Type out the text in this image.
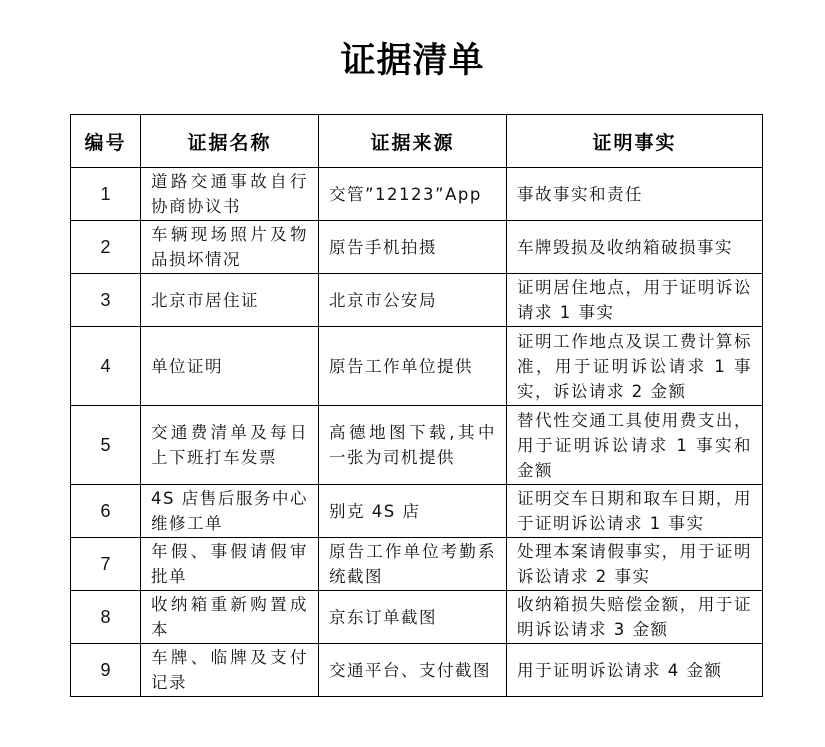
证据清单
编号	证据名称	证据来源	证明事实
1	道路交通事故自行协商协议书	交管”12123”App	事故事实和责任

2	车辆现场照片及物品损坏情况	原告手机拍摄	车牌毁损及收纳箱破损事实

3	北京市居住证	北京市公安局	证明居住地点，用于证明诉讼请求 1 事实

4	单位证明	原告工作单位提供	证明工作地点及误工费计算标准，用于证明诉讼请求 1 事实，诉讼请求 2 金额

5	交通费清单及每日上下班打车发票	高德地图下载,其中一张为司机提供	替代性交通工具使用费支出，用于证明诉讼请求 1 事实和金额

6	4S 店售后服务中心维修工单	别克 4S 店	证明交车日期和取车日期，用于证明诉讼请求 1 事实

7	年假、事假请假审批单	原告工作单位考勤系统截图	处理本案请假事实，用于证明诉讼请求 2 事实

8	收纳箱重新购置成本	京东订单截图	收纳箱损失赔偿金额，用于证明诉讼请求 3 金额

9	车牌、临牌及支付记录	交通平台、支付截图	用于证明诉讼请求 4 金额
